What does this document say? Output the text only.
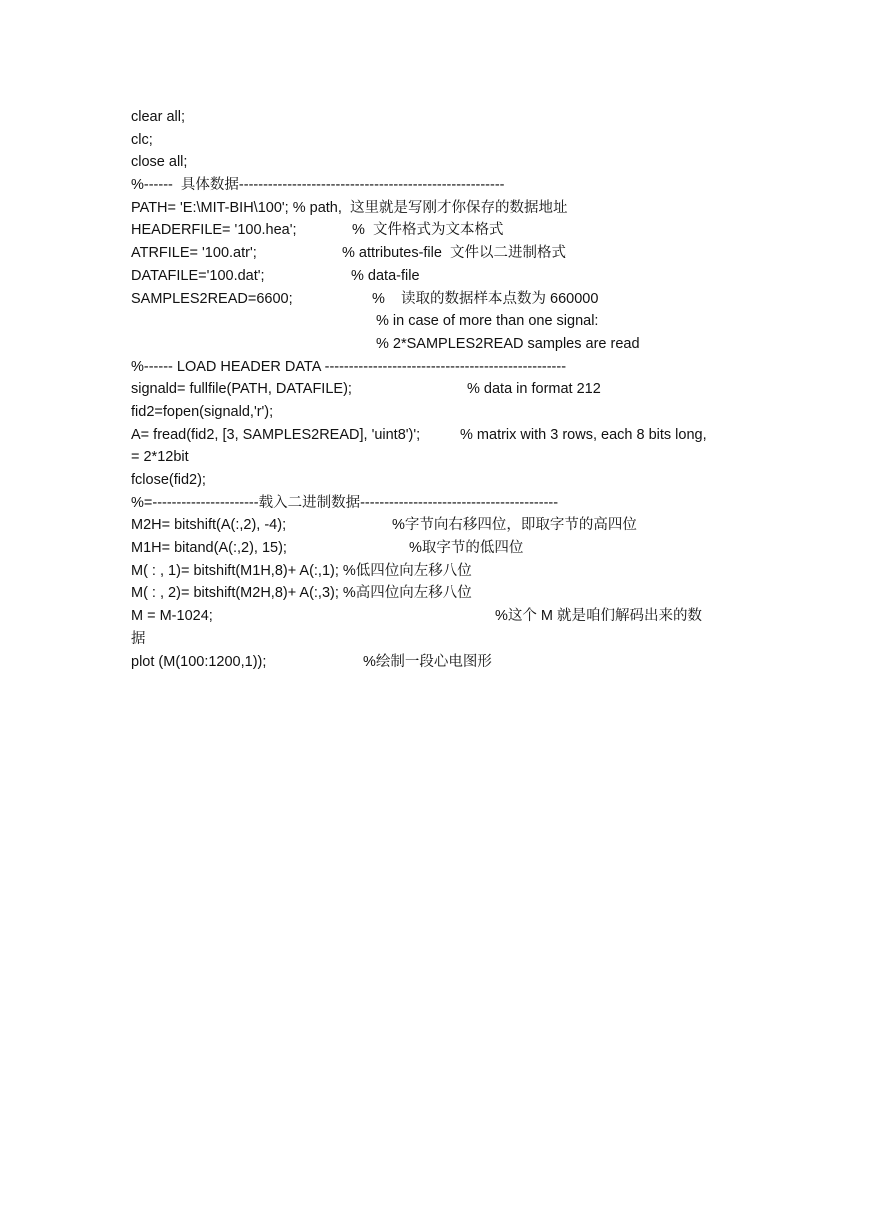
clear all;

clc;

close all;

%------  具体数据-------------------------------------------------------

PATH= 'E:\MIT-BIH\100'; % path,  这里就是写刚才你保存的数据地址

HEADERFILE= '100.hea';

	%  文件格式为文本格式

ATRFILE= '100.atr';

	% attributes-file  文件以二进制格式

DATAFILE='100.dat';

	% data-file

SAMPLES2READ=6600;

	%    读取的数据样本点数为 660000

% in case of more than one signal:

% 2*SAMPLES2READ samples are read

%------ LOAD HEADER DATA --------------------------------------------------

signald= fullfile(PATH, DATAFILE);

	% data in format 212

fid2=fopen(signald,'r');

A= fread(fid2, [3, SAMPLES2READ], 'uint8')';

	% matrix with 3 rows, each 8 bits long,

= 2*12bit

fclose(fid2);

%=----------------------载入二进制数据-----------------------------------------

M2H= bitshift(A(:,2), -4);

	%字节向右移四位，即取字节的高四位

M1H= bitand(A(:,2), 15);

	%取字节的低四位

M( : , 1)= bitshift(M1H,8)+ A(:,1); %低四位向左移八位

M( : , 2)= bitshift(M2H,8)+ A(:,3); %高四位向左移八位

M = M-1024;

	%这个 M 就是咱们解码出来的数

据

plot (M(100:1200,1));

	%绘制一段心电图形
